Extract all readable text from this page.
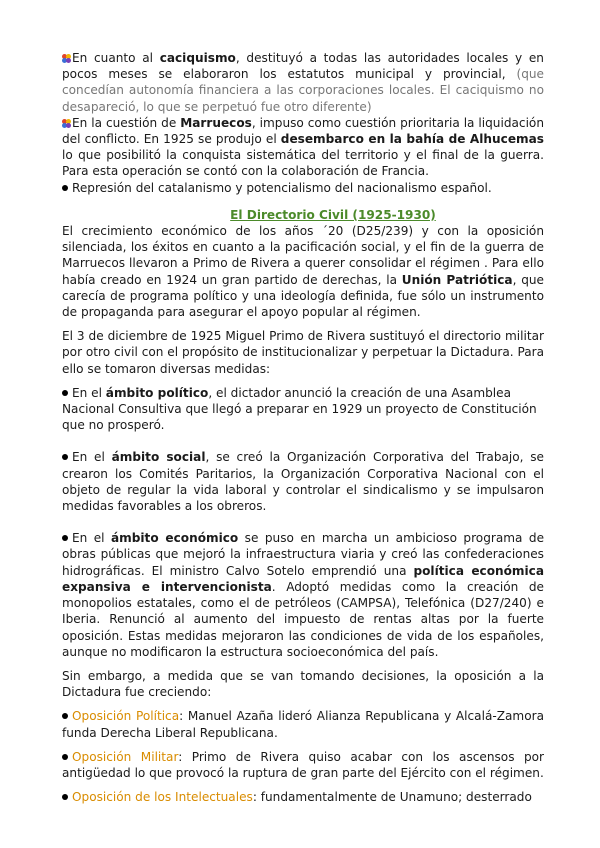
En cuanto al caciquismo, destituyó a todas las autoridades locales y en pocos meses se elaboraron los estatutos municipal y provincial, (que concedían autonomía financiera a las corporaciones locales. El caciquismo no desapareció, lo que se perpetuó fue otro diferente)

En la cuestión de Marruecos, impuso como cuestión prioritaria la liquidación del conflicto. En 1925 se produjo el desembarco en la bahía de Alhucemas lo que posibilitó la conquista sistemática del territorio y el final de la guerra. Para esta operación se contó con la colaboración de Francia.

Represión del catalanismo y potencialismo del nacionalismo español.

El Directorio Civil (1925-1930)

El crecimiento económico de los años ´20 (D25/239) y con la oposición silenciada, los éxitos en cuanto a la pacificación social, y el fin de la guerra de Marruecos llevaron a Primo de Rivera a querer consolidar el régimen . Para ello había creado en 1924 un gran partido de derechas, la Unión Patriótica, que carecía de programa político y una ideología definida, fue sólo un instrumento de propaganda para asegurar el apoyo popular al régimen.

El 3 de diciembre de 1925 Miguel Primo de Rivera sustituyó el directorio militar por otro civil con el propósito de institucionalizar y perpetuar la Dictadura. Para ello se tomaron diversas medidas:

En el ámbito político, el dictador anunció la creación de una Asamblea Nacional Consultiva que llegó a preparar en 1929 un proyecto de Constitución que no prosperó.

En el ámbito social, se creó la Organización Corporativa del Trabajo, se crearon los Comités Paritarios, la Organización Corporativa Nacional con el objeto de regular la vida laboral y controlar el sindicalismo y se impulsaron medidas favorables a los obreros.

En el ámbito económico se puso en marcha un ambicioso programa de obras públicas que mejoró la infraestructura viaria y creó las confederaciones hidrográficas. El ministro Calvo Sotelo emprendió una política económica expansiva e intervencionista. Adoptó medidas como la creación de monopolios estatales, como el de petróleos (CAMPSA), Telefónica (D27/240) e Iberia. Renunció al aumento del impuesto de rentas altas por la fuerte oposición. Estas medidas mejoraron las condiciones de vida de los españoles, aunque no modificaron la estructura socioeconómica del país.

Sin embargo, a medida que se van tomando decisiones, la oposición a la Dictadura fue creciendo:

Oposición Política: Manuel Azaña lideró Alianza Republicana y Alcalá-Zamora funda Derecha Liberal Republicana.

Oposición Militar: Primo de Rivera quiso acabar con los ascensos por antigüedad lo que provocó la ruptura de gran parte del Ejército con el régimen.

Oposición de los Intelectuales: fundamentalmente de Unamuno; desterrado
